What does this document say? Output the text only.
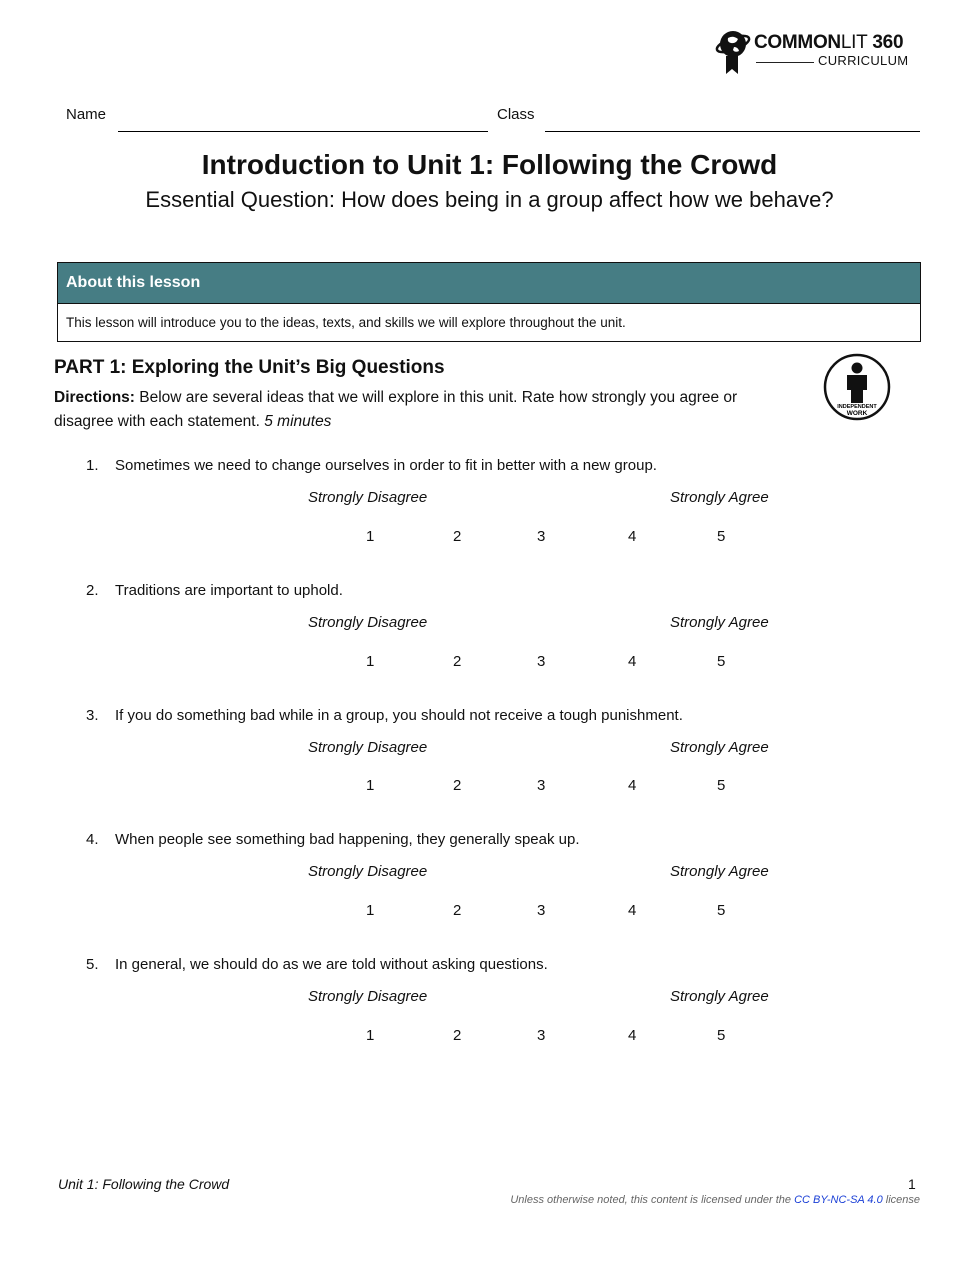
COMMONLIT 360
CURRICULUM
Name	Class
Introduction to Unit 1: Following the Crowd
Essential Question: How does being in a group affect how we behave?
About this lesson
This lesson will introduce you to the ideas, texts, and skills we will explore throughout the unit.
PART 1: Exploring the Unit’s Big Questions
Directions: Below are several ideas that we will explore in this unit. Rate how strongly you agree or disagree with each statement. 5 minutes
INDEPENDENT
WORK
1. Sometimes we need to change ourselves in order to fit in better with a new group.
Strongly Disagree	Strongly Agree
1	2	3	4	5
2. Traditions are important to uphold.
Strongly Disagree	Strongly Agree
1	2	3	4	5
3. If you do something bad while in a group, you should not receive a tough punishment.
Strongly Disagree	Strongly Agree
1	2	3	4	5
4. When people see something bad happening, they generally speak up.
Strongly Disagree	Strongly Agree
1	2	3	4	5
5. In general, we should do as we are told without asking questions.
Strongly Disagree	Strongly Agree
1	2	3	4	5
Unit 1: Following the Crowd	1
Unless otherwise noted, this content is licensed under the CC BY-NC-SA 4.0 license
